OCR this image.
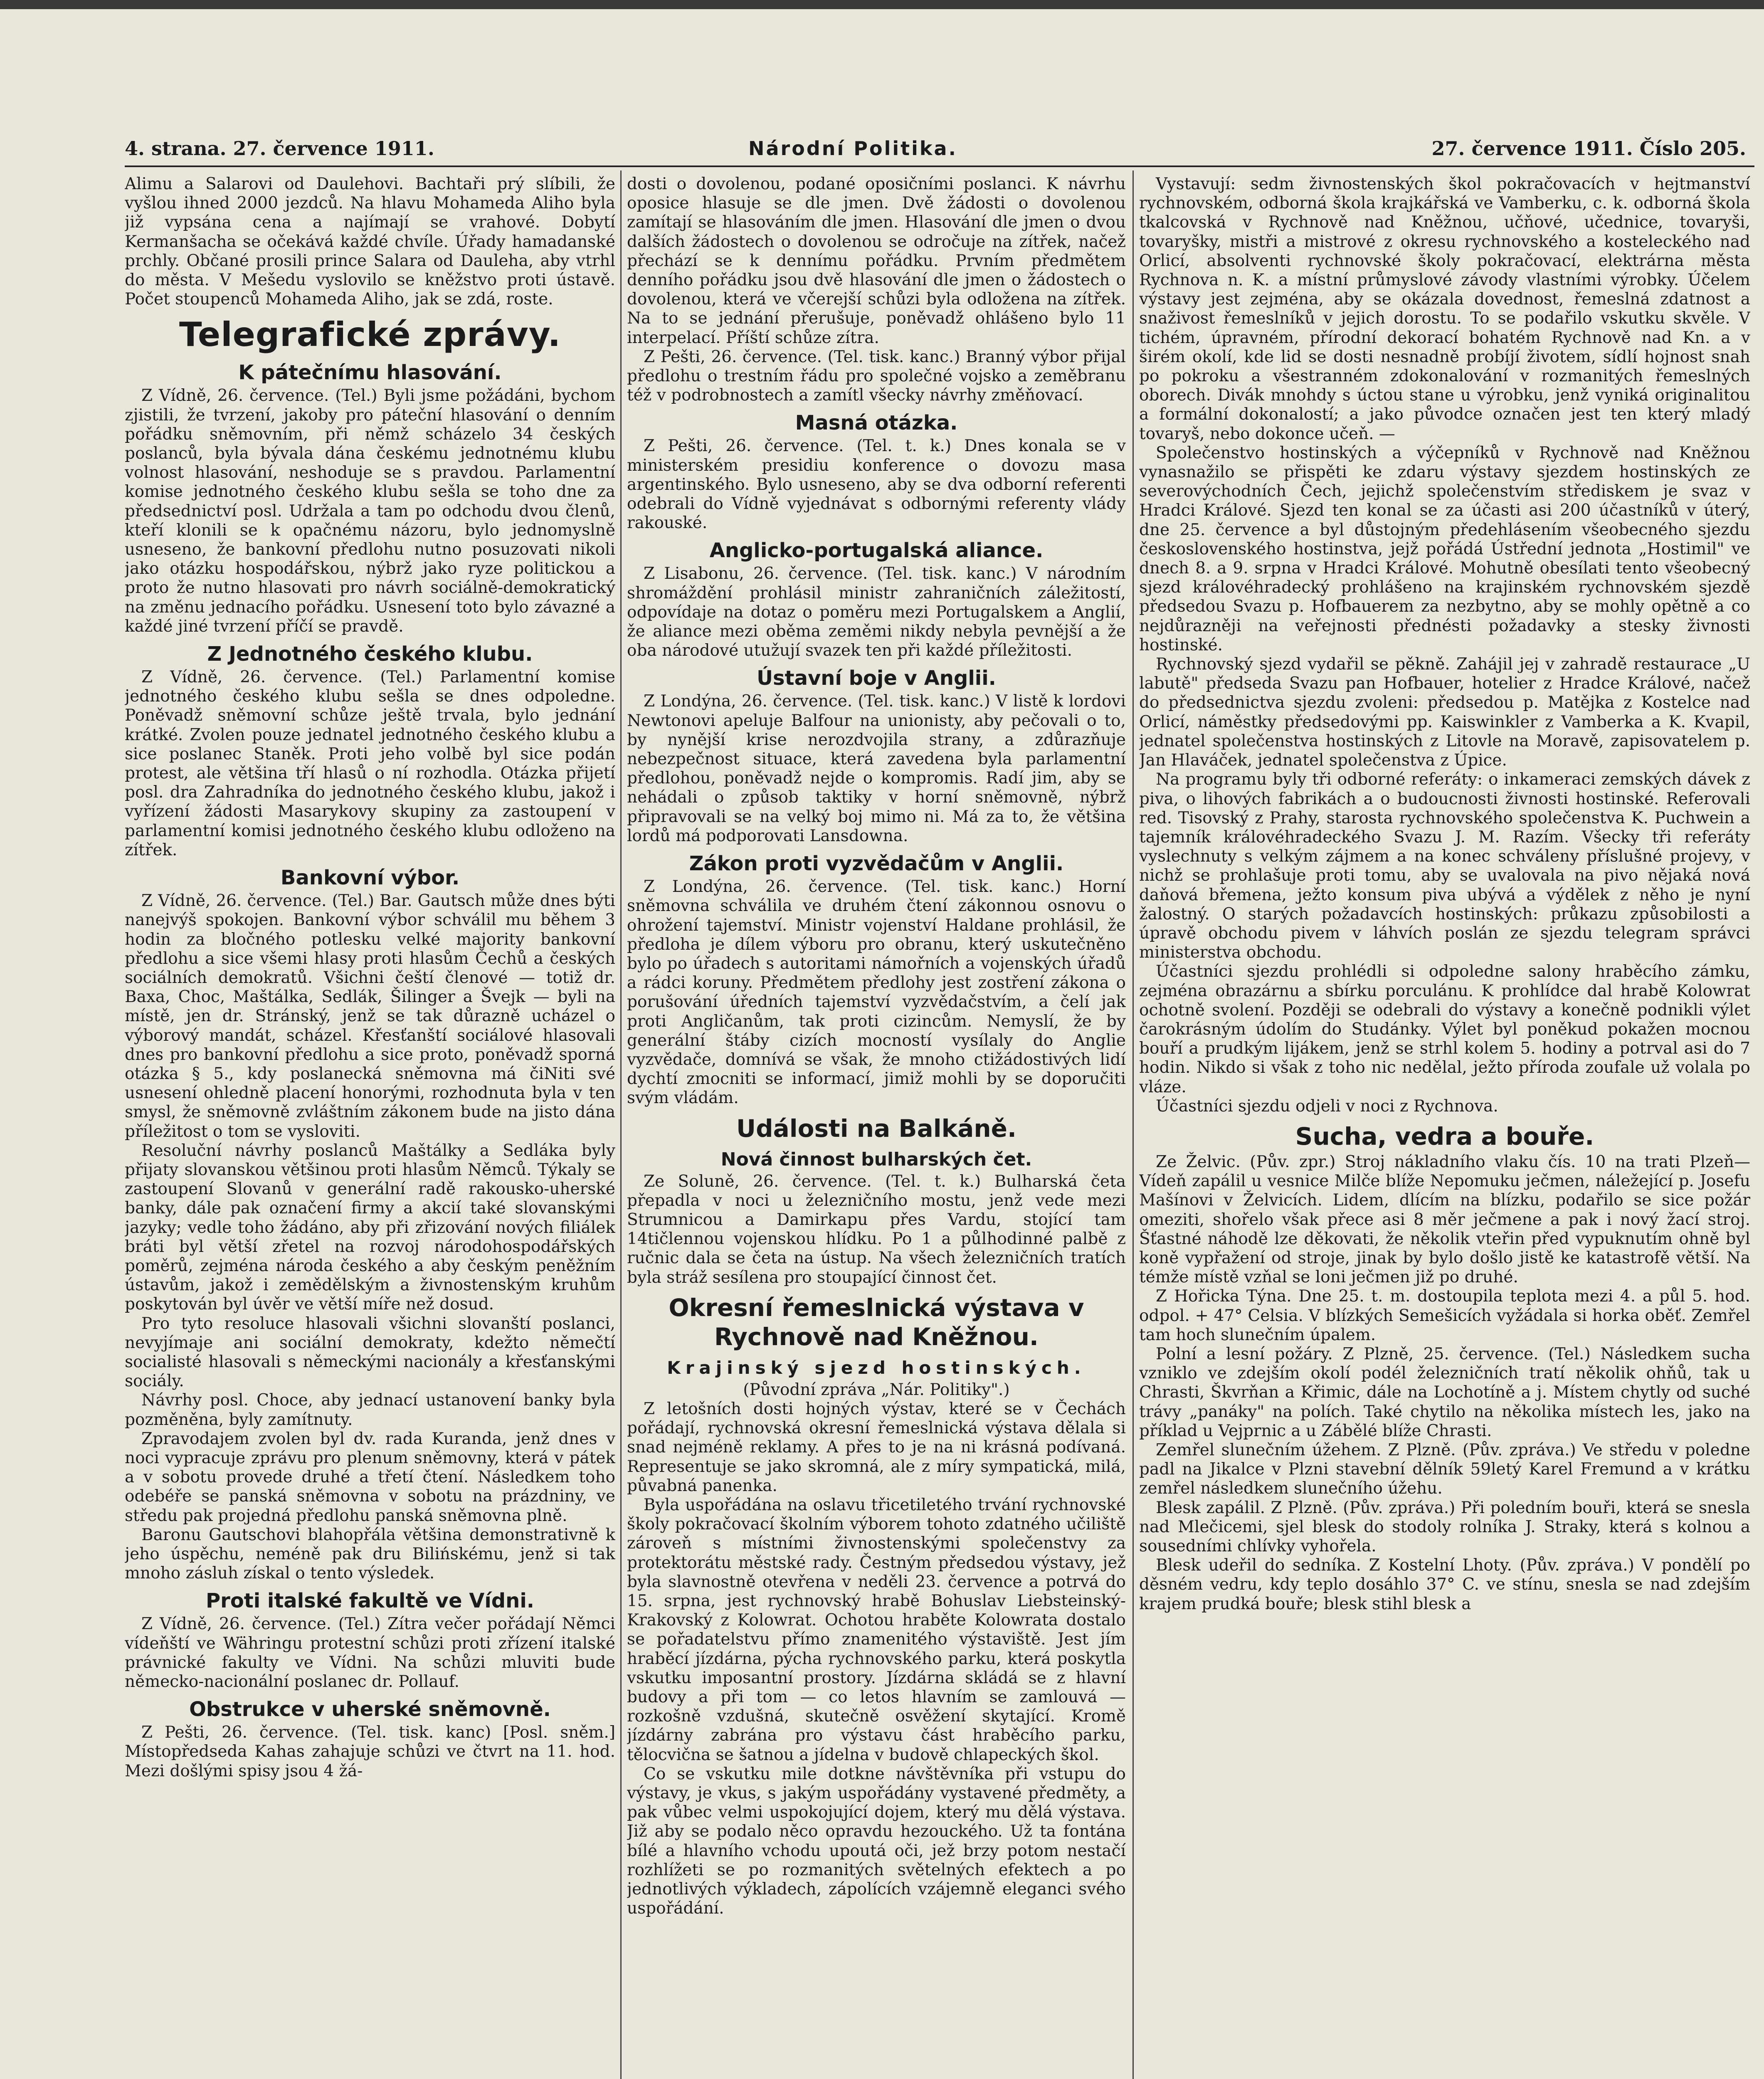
4. strana. 27. července 1911.	Národní Politika.	27. července 1911. Číslo 205.

Alimu a Salarovi od Daulehovi. Bachtaři prý slíbili, že vyšlou ihned 2000 jezdců. Na hlavu Mohameda Aliho byla již vypsána cena a najímají se vrahové. Dobytí Kermanšacha se očekává každé chvíle. Úřady hamadanské prchly. Občané prosili prince Salara od Dauleha, aby vtrhl do města. V Mešedu vyslovilo se kněžstvo proti ústavě. Počet stoupenců Mohameda Aliho, jak se zdá, roste.

Telegrafické zprávy.
K pátečnímu hlasování.

Z Vídně, 26. července. (Tel.) Byli jsme požádáni, bychom zjistili, že tvrzení, jakoby pro páteční hlasování o denním pořádku sněmovním, při němž scházelo 34 českých poslanců, byla bývala dána českému jednotnému klubu volnost hlasování, neshoduje se s pravdou. Parlamentní komise jednotného českého klubu sešla se toho dne za předsednictví posl. Udržala a tam po odchodu dvou členů, kteří klonili se k opačnému názoru, bylo jednomyslně usneseno, že bankovní předlohu nutno posuzovati nikoli jako otázku hospodářskou, nýbrž jako ryze politickou a proto že nutno hlasovati pro návrh sociálně-demokratický na změnu jednacího pořádku. Usnesení toto bylo závazné a každé jiné tvrzení příčí se pravdě.

Z Jednotného českého klubu.

Z Vídně, 26. července. (Tel.) Parlamentní komise jednotného českého klubu sešla se dnes odpoledne. Poněvadž sněmovní schůze ještě trvala, bylo jednání krátké. Zvolen pouze jednatel jednotného českého klubu a sice poslanec Staněk. Proti jeho volbě byl sice podán protest, ale většina tří hlasů o ní rozhodla. Otázka přijetí posl. dra Zahradníka do jednotného českého klubu, jakož i vyřízení žádosti Masarykovy skupiny za zastoupení v parlamentní komisi jednotného českého klubu odloženo na zítřek.

Bankovní výbor.

Z Vídně, 26. července. (Tel.) Bar. Gautsch může dnes býti nanejvýš spokojen. Bankovní výbor schválil mu během 3 hodin za bločného potlesku velké majority bankovní předlohu a sice všemi hlasy proti hlasům Čechů a českých sociálních demokratů. Všichni čeští členové — totiž dr. Baxa, Choc, Maštálka, Sedlák, Šilinger a Švejk — byli na místě, jen dr. Stránský, jenž se tak důrazně ucházel o výborový mandát, scházel. Křesťanští sociálové hlasovali dnes pro bankovní předlohu a sice proto, poněvadž sporná otázka § 5., kdy poslanecká sněmovna má čiNiti své usnesení ohledně placení honorými, rozhodnuta byla v ten smysl, že sněmovně zvláštním zákonem bude na jisto dána příležitost o tom se vysloviti.

Resoluční návrhy poslanců Maštálky a Sedláka byly přijaty slovanskou většinou proti hlasům Němců. Týkaly se zastoupení Slovanů v generální radě rakousko-uherské banky, dále pak označení firmy a akcií také slovanskými jazyky; vedle toho žádáno, aby při zřizování nových filiálek bráti byl větší zřetel na rozvoj národohospodářských poměrů, zejména národa českého a aby českým peněžním ústavům, jakož i zemědělským a živnostenským kruhům poskytován byl úvěr ve větší míře než dosud.

Pro tyto resoluce hlasovali všichni slovanští poslanci, nevyjímaje ani sociální demokraty, kdežto němečtí socialisté hlasovali s německými nacionály a křesťanskými sociály.

Návrhy posl. Choce, aby jednací ustanovení banky byla pozměněna, byly zamítnuty.

Zpravodajem zvolen byl dv. rada Kuranda, jenž dnes v noci vypracuje zprávu pro plenum sněmovny, která v pátek a v sobotu provede druhé a třetí čtení. Následkem toho odebéře se panská sněmovna v sobotu na prázdniny, ve středu pak projedná předlohu panská sněmovna plně.

Baronu Gautschovi blahopřála většina demonstrativně k jeho úspěchu, neméně pak dru Bilińskému, jenž si tak mnoho zásluh získal o tento výsledek.

Proti italské fakultě ve Vídni.

Z Vídně, 26. července. (Tel.) Zítra večer pořádají Němci vídeňští ve Währingu protestní schůzi proti zřízení italské právnické fakulty ve Vídni. Na schůzi mluviti bude německo-nacionální poslanec dr. Pollauf.

Obstrukce v uherské sněmovně.

Z Pešti, 26. července. (Tel. tisk. kanc) [Posl. sněm.] Místopředseda Kahas zahajuje schůzi ve čtvrt na 11. hod. Mezi došlými spisy jsou 4 žá-

dosti o dovolenou, podané oposičními poslanci. K návrhu oposice hlasuje se dle jmen. Dvě žádosti o dovolenou zamítají se hlasováním dle jmen. Hlasování dle jmen o dvou dalších žádostech o dovolenou se odročuje na zítřek, načež přechází se k dennímu pořádku. Prvním předmětem denního pořádku jsou dvě hlasování dle jmen o žádostech o dovolenou, která ve včerejší schůzi byla odložena na zítřek. Na to se jednání přerušuje, poněvadž ohlášeno bylo 11 interpelací. Příští schůze zítra.

Z Pešti, 26. července. (Tel. tisk. kanc.) Branný výbor přijal předlohu o trestním řádu pro společné vojsko a zeměbranu též v podrobnostech a zamítl všecky návrhy změňovací.

Masná otázka.

Z Pešti, 26. července. (Tel. t. k.) Dnes konala se v ministerském presidiu konference o dovozu masa argentinského. Bylo usneseno, aby se dva odborní referenti odebrali do Vídně vyjednávat s odbornými referenty vlády rakouské.

Anglicko-portugalská aliance.

Z Lisabonu, 26. července. (Tel. tisk. kanc.) V národním shromáždění prohlásil ministr zahraničních záležitostí, odpovídaje na dotaz o poměru mezi Portugalskem a Anglií, že aliance mezi oběma zeměmi nikdy nebyla pevnější a že oba národové utužují svazek ten při každé příležitosti.

Ústavní boje v Anglii.

Z Londýna, 26. července. (Tel. tisk. kanc.) V listě k lordovi Newtonovi apeluje Balfour na unionisty, aby pečovali o to, by nynější krise nerozdvojila strany, a zdůrazňuje nebezpečnost situace, která zavedena byla parlamentní předlohou, poněvadž nejde o kompromis. Radí jim, aby se nehádali o způsob taktiky v horní sněmovně, nýbrž připravovali se na velký boj mimo ni. Má za to, že většina lordů má podporovati Lansdowna.

Zákon proti vyzvědačům v Anglii.

Z Londýna, 26. července. (Tel. tisk. kanc.) Horní sněmovna schválila ve druhém čtení zákonnou osnovu o ohrožení tajemství. Ministr vojenství Haldane prohlásil, že předloha je dílem výboru pro obranu, který uskutečněno bylo po úřadech s autoritami námořních a vojenských úřadů a rádci koruny. Předmětem předlohy jest zostření zákona o porušování úředních tajemství vyzvědačstvím, a čelí jak proti Angličanům, tak proti cizincům. Nemyslí, že by generální štáby cizích mocností vysílaly do Anglie vyzvědače, domnívá se však, že mnoho ctižádostivých lidí dychtí zmocniti se informací, jimiž mohli by se doporučiti svým vládám.

Události na Balkáně.
Nová činnost bulharských čet.

Ze Soluně, 26. července. (Tel. t. k.) Bulharská četa přepadla v noci u železničního mostu, jenž vede mezi Strumnicou a Damirkapu přes Vardu, stojící tam 14tičlennou vojenskou hlídku. Po 1 a půlhodinné palbě z ručnic dala se četa na ústup. Na všech železničních tratích byla stráž sesílena pro stoupající činnost čet.

Okresní řemeslnická výstava v Rychnově nad Kněžnou.
Krajinský sjezd hostinských.

(Původní zpráva „Nár. Politiky".)

Z letošních dosti hojných výstav, které se v Čechách pořádají, rychnovská okresní řemeslnická výstava dělala si snad nejméně reklamy. A přes to je na ni krásná podívaná. Representuje se jako skromná, ale z míry sympatická, milá, půvabná panenka.

Byla uspořádána na oslavu třicetiletého trvání rychnovské školy pokračovací školním výborem tohoto zdatného učiliště zároveň s místními živnostenskými společenstvy za protektorátu městské rady. Čestným předsedou výstavy, jež byla slavnostně otevřena v neděli 23. července a potrvá do 15. srpna, jest rychnovský hrabě Bohuslav Liebsteinský-Krakovský z Kolowrat. Ochotou hraběte Kolowrata dostalo se pořadatelstvu přímo znamenitého výstaviště. Jest jím hraběcí jízdárna, pýcha rychnovského parku, která poskytla vskutku imposantní prostory. Jízdárna skládá se z hlavní budovy a při tom — co letos hlavním se zamlouvá — rozkošně vzdušná, skutečně osvěžení skytající. Kromě jízdárny zabrána pro výstavu část hraběcího parku, tělocvična se šatnou a jídelna v budově chlapeckých škol.

Co se vskutku mile dotkne návštěvníka při vstupu do výstavy, je vkus, s jakým uspořádány vystavené předměty, a pak vůbec velmi uspokojující dojem, který mu dělá výstava. Již aby se podalo něco opravdu hezouckého. Už ta fontána bílé a hlavního vchodu upoutá oči, jež brzy potom nestačí rozhlížeti se po rozmanitých světelných efektech a po jednotlivých výkladech, zápolících vzájemně eleganci svého uspořádání.

Vystavují: sedm živnostenských škol pokračovacích v hejtmanství rychnovském, odborná škola krajkářská ve Vamberku, c. k. odborná škola tkalcovská v Rychnově nad Kněžnou, učňové, učednice, tovaryši, tovaryšky, mistři a mistrové z okresu rychnovského a kosteleckého nad Orlicí, absolventi rychnovské školy pokračovací, elektrárna města Rychnova n. K. a místní průmyslové závody vlastními výrobky. Účelem výstavy jest zejména, aby se okázala dovednost, řemeslná zdatnost a snaživost řemeslníků v jejich dorostu. To se podařilo vskutku skvěle. V tichém, úpravném, přírodní dekorací bohatém Rychnově nad Kn. a v širém okolí, kde lid se dosti nesnadně probíjí životem, sídlí hojnost snah po pokroku a všestranném zdokonalování v rozmanitých řemeslných oborech. Divák mnohdy s úctou stane u výrobku, jenž vyniká originalitou a formální dokonalostí; a jako původce označen jest ten který mladý tovaryš, nebo dokonce učeň. —

Společenstvo hostinských a výčepníků v Rychnově nad Kněžnou vynasnažilo se přispěti ke zdaru výstavy sjezdem hostinských ze severovýchodních Čech, jejichž společenstvím střediskem je svaz v Hradci Králové. Sjezd ten konal se za účasti asi 200 účastníků v úterý, dne 25. července a byl důstojným předehlásením všeobecného sjezdu československého hostinstva, jejž pořádá Ústřední jednota „Hostimil" ve dnech 8. a 9. srpna v Hradci Králové. Mohutně obesílati tento všeobecný sjezd královéhradecký prohlášeno na krajinském rychnovském sjezdě předsedou Svazu p. Hofbauerem za nezbytno, aby se mohly opětně a co nejdůrazněji na veřejnosti přednésti požadavky a stesky živnosti hostinské.

Rychnovský sjezd vydařil se pěkně. Zahájil jej v zahradě restaurace „U labutě" předseda Svazu pan Hofbauer, hotelier z Hradce Králové, načež do předsednictva sjezdu zvoleni: předsedou p. Matějka z Kostelce nad Orlicí, náměstky předsedovými pp. Kaiswinkler z Vamberka a K. Kvapil, jednatel společenstva hostinských z Litovle na Moravě, zapisovatelem p. Jan Hlaváček, jednatel společenstva z Úpice.

Na programu byly tři odborné referáty: o inkameraci zemských dávek z piva, o lihových fabrikách a o budoucnosti živnosti hostinské. Referovali red. Tisovský z Prahy, starosta rychnovského společenstva K. Puchwein a tajemník královéhradeckého Svazu J. M. Razím. Všecky tři referáty vyslechnuty s velkým zájmem a na konec schváleny příslušné projevy, v nichž se prohlašuje proti tomu, aby se uvalovala na pivo nějaká nová daňová břemena, ježto konsum piva ubývá a výdělek z něho je nyní žalostný. O starých požadavcích hostinských: průkazu způsobilosti a úpravě obchodu pivem v láhvích poslán ze sjezdu telegram správci ministerstva obchodu.

Účastníci sjezdu prohlédli si odpoledne salony hraběcího zámku, zejména obrazárnu a sbírku porculánu. K prohlídce dal hrabě Kolowrat ochotně svolení. Později se odebrali do výstavy a konečně podnikli výlet čarokrásným údolím do Studánky. Výlet byl poněkud pokažen mocnou bouří a prudkým lijákem, jenž se strhl kolem 5. hodiny a potrval asi do 7 hodin. Nikdo si však z toho nic nedělal, ježto příroda zoufale už volala po vláze.

Účastníci sjezdu odjeli v noci z Rychnova.

Sucha, vedra a bouře.

Ze Želvic. (Pův. zpr.) Stroj nákladního vlaku čís. 10 na trati Plzeň—Vídeň zapálil u vesnice Milče blíže Nepomuku ječmen, náležející p. Josefu Mašínovi v Želvicích. Lidem, dlícím na blízku, podařilo se sice požár omeziti, shořelo však přece asi 8 měr ječmene a pak i nový žací stroj. Šťastné náhodě lze děkovati, že několik vteřin před vypuknutím ohně byl koně vypřažení od stroje, jinak by bylo došlo jistě ke katastrofě větší. Na témže místě vzňal se loni ječmen již po druhé.

Z Hořicka Týna. Dne 25. t. m. dostoupila teplota mezi 4. a půl 5. hod. odpol. + 47° Celsia. V blízkých Semešicích vyžádala si horka oběť. Zemřel tam hoch slunečním úpalem.

Polní a lesní požáry. Z Plzně, 25. července. (Tel.) Následkem sucha vzniklo ve zdejším okolí podél železničních tratí několik ohňů, tak u Chrasti, Škvrňan a Křimic, dále na Lochotíně a j. Místem chytly od suché trávy „panáky" na polích. Také chytilo na několika místech les, jako na příklad u Vejprnic a u Zábělé blíže Chrasti.

Zemřel slunečním úžehem. Z Plzně. (Pův. zpráva.) Ve středu v poledne padl na Jikalce v Plzni stavební dělník 59letý Karel Fremund a v krátku zemřel následkem slunečního úžehu.

Blesk zapálil. Z Plzně. (Pův. zpráva.) Při poledním bouři, která se snesla nad Mlečicemi, sjel blesk do stodoly rolníka J. Straky, která s kolnou a sousedními chlívky vyhořela.

Blesk udeřil do sedníka. Z Kostelní Lhoty. (Pův. zpráva.) V pondělí po děsném vedru, kdy teplo dosáhlo 37° C. ve stínu, snesla se nad zdejším krajem prudká bouře; blesk stihl blesk a
